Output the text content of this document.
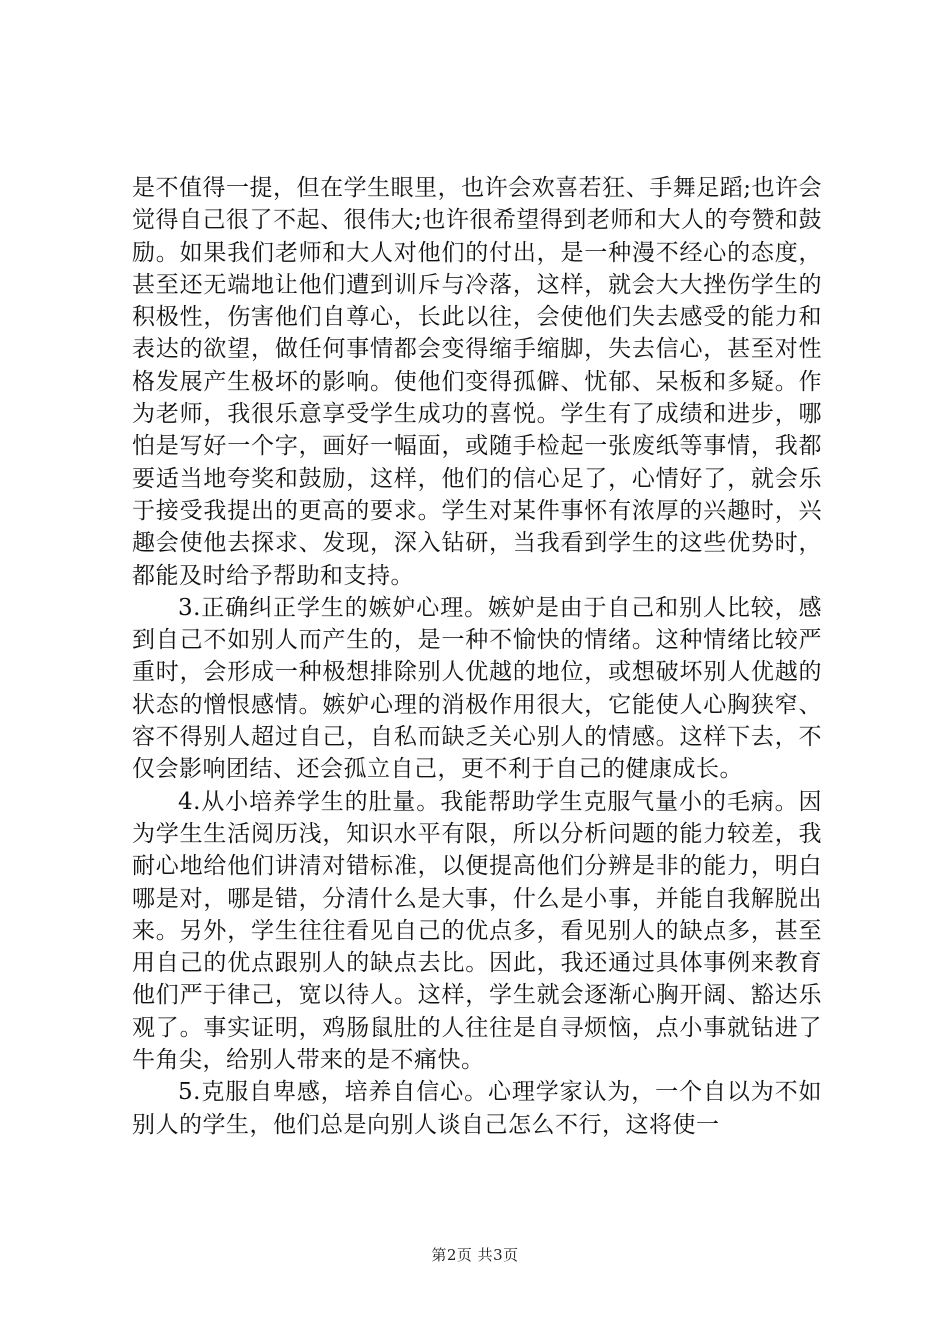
是不值得一提，但在学生眼里，也许会欢喜若狂、手舞足蹈;也许会觉得自己很了不起、很伟大;也许很希望得到老师和大人的夸赞和鼓励。如果我们老师和大人对他们的付出，是一种漫不经心的态度，甚至还无端地让他们遭到训斥与冷落，这样，就会大大挫伤学生的积极性，伤害他们自尊心，长此以往，会使他们失去感受的能力和表达的欲望，做任何事情都会变得缩手缩脚，失去信心，甚至对性格发展产生极坏的影响。使他们变得孤僻、忧郁、呆板和多疑。作为老师，我很乐意享受学生成功的喜悦。学生有了成绩和进步，哪怕是写好一个字，画好一幅面，或随手检起一张废纸等事情，我都要适当地夸奖和鼓励，这样，他们的信心足了，心情好了，就会乐于接受我提出的更高的要求。学生对某件事怀有浓厚的兴趣时，兴趣会使他去探求、发现，深入钻研，当我看到学生的这些优势时，都能及时给予帮助和支持。

3.正确纠正学生的嫉妒心理。嫉妒是由于自己和别人比较，感到自己不如别人而产生的，是一种不愉快的情绪。这种情绪比较严重时，会形成一种极想排除别人优越的地位，或想破坏别人优越的状态的憎恨感情。嫉妒心理的消极作用很大，它能使人心胸狭窄、容不得别人超过自己，自私而缺乏关心别人的情感。这样下去，不仅会影响团结、还会孤立自己，更不利于自己的健康成长。

4.从小培养学生的肚量。我能帮助学生克服气量小的毛病。因为学生生活阅历浅，知识水平有限，所以分析问题的能力较差，我耐心地给他们讲清对错标准，以便提高他们分辨是非的能力，明白哪是对，哪是错，分清什么是大事，什么是小事，并能自我解脱出来。另外，学生往往看见自己的优点多，看见别人的缺点多，甚至用自己的优点跟别人的缺点去比。因此，我还通过具体事例来教育他们严于律己，宽以待人。这样，学生就会逐渐心胸开阔、豁达乐观了。事实证明，鸡肠鼠肚的人往往是自寻烦恼，点小事就钻进了牛角尖，给别人带来的是不痛快。

5.克服自卑感，培养自信心。心理学家认为，一个自以为不如别人的学生，他们总是向别人谈自己怎么不行，这将使一

第2页 共3页
